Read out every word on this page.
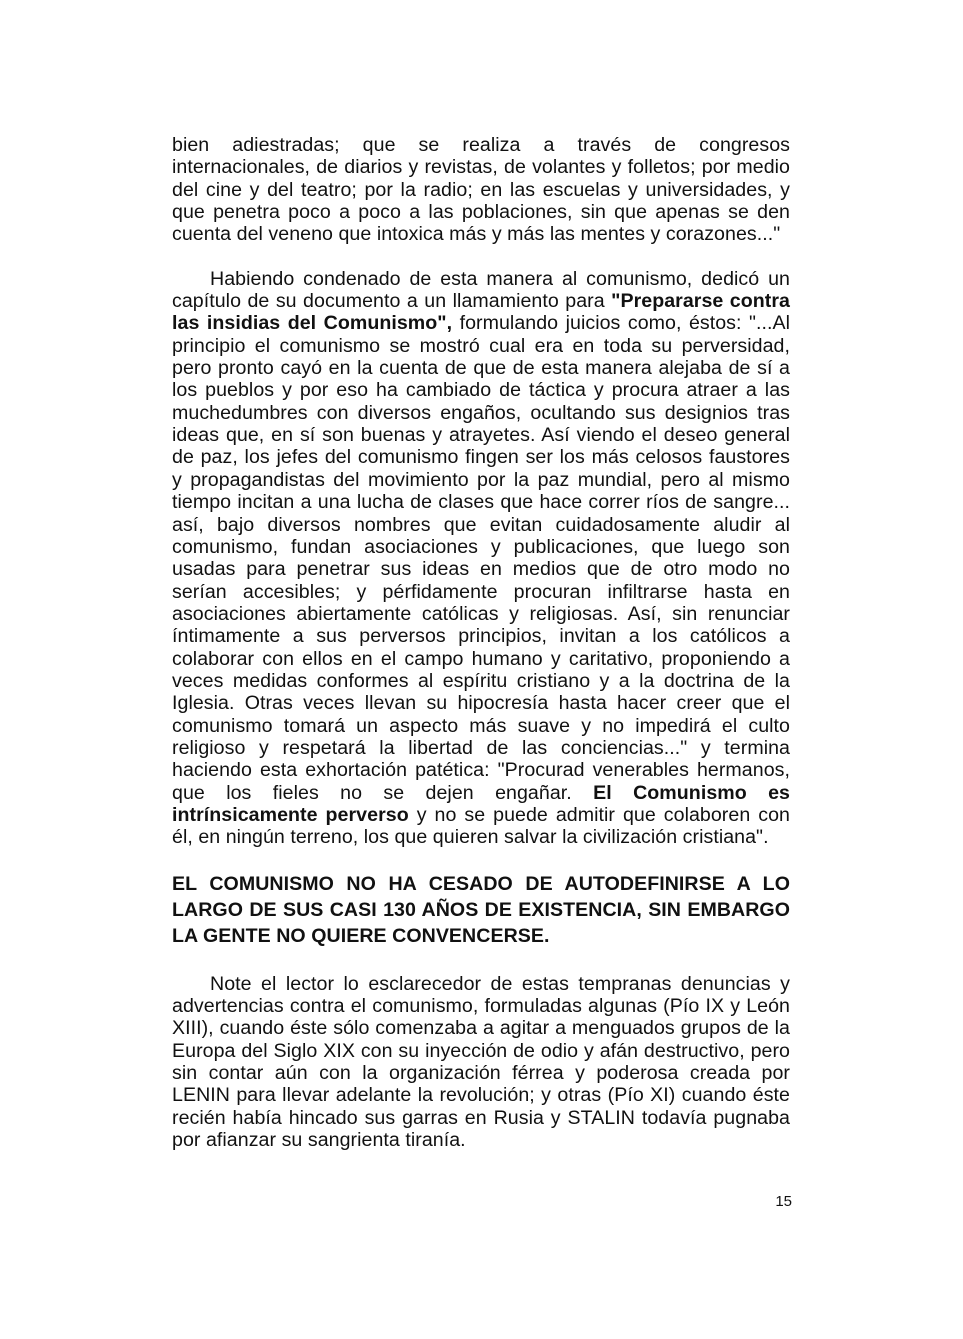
bien adiestradas; que se realiza a través de congresos internacionales, de diarios y revistas, de volantes y folletos; por medio del cine y del teatro; por la radio; en las escuelas y universidades, y que penetra poco a poco a las poblaciones, sin que apenas se den cuenta del veneno que intoxica más y más las mentes y corazones..."

Habiendo condenado de esta manera al comunismo, dedicó un capítulo de su documento a un llamamiento para "Prepararse contra las insidias del Comunismo", formulando juicios como, éstos: "...Al principio el comunismo se mostró cual era en toda su perversidad, pero pronto cayó en la cuenta de que de esta manera alejaba de sí a los pueblos y por eso ha cambiado de táctica y procura atraer a las muchedumbres con diversos engaños, ocultando sus designios tras ideas que, en sí son buenas y atrayetes. Así viendo el deseo general de paz, los jefes del comunismo fingen ser los más celosos faustores y propagandistas del movimiento por la paz mundial, pero al mismo tiempo incitan a una lucha de clases que hace correr ríos de sangre... así, bajo diversos nombres que evitan cuidadosamente aludir al comunismo, fundan asociaciones y publicaciones, que luego son usadas para penetrar sus ideas en medios que de otro modo no serían accesibles; y pérfidamente procuran infiltrarse hasta en asociaciones abiertamente católicas y religiosas. Así, sin renunciar íntimamente a sus perversos principios, invitan a los católicos a colaborar con ellos en el campo humano y caritativo, proponiendo a veces medidas conformes al espíritu cristiano y a la doctrina de la Iglesia. Otras veces llevan su hipocresía hasta hacer creer que el comunismo tomará un aspecto más suave y no impedirá el culto religioso y respetará la libertad de las conciencias..." y termina haciendo esta exhortación patética: "Procurad venerables hermanos, que los fieles no se dejen engañar. El Comunismo es intrínsicamente perverso y no se puede admitir que colaboren con él, en ningún terreno, los que quieren salvar la civilización cristiana".

EL COMUNISMO NO HA CESADO DE AUTODEFINIRSE A LO LARGO DE SUS CASI 130 AÑOS DE EXISTENCIA, SIN EMBARGO LA GENTE NO QUIERE CONVENCERSE.

Note el lector lo esclarecedor de estas tempranas denuncias y advertencias contra el comunismo, formuladas algunas (Pío IX y León XIII), cuando éste sólo comenzaba a agitar a menguados grupos de la Europa del Siglo XIX con su inyección de odio y afán destructivo, pero sin contar aún con la organización férrea y poderosa creada por LENIN para llevar adelante la revolución; y otras (Pío XI) cuando éste recién había hincado sus garras en Rusia y STALIN todavía pugnaba por afianzar su sangrienta tiranía.

15
